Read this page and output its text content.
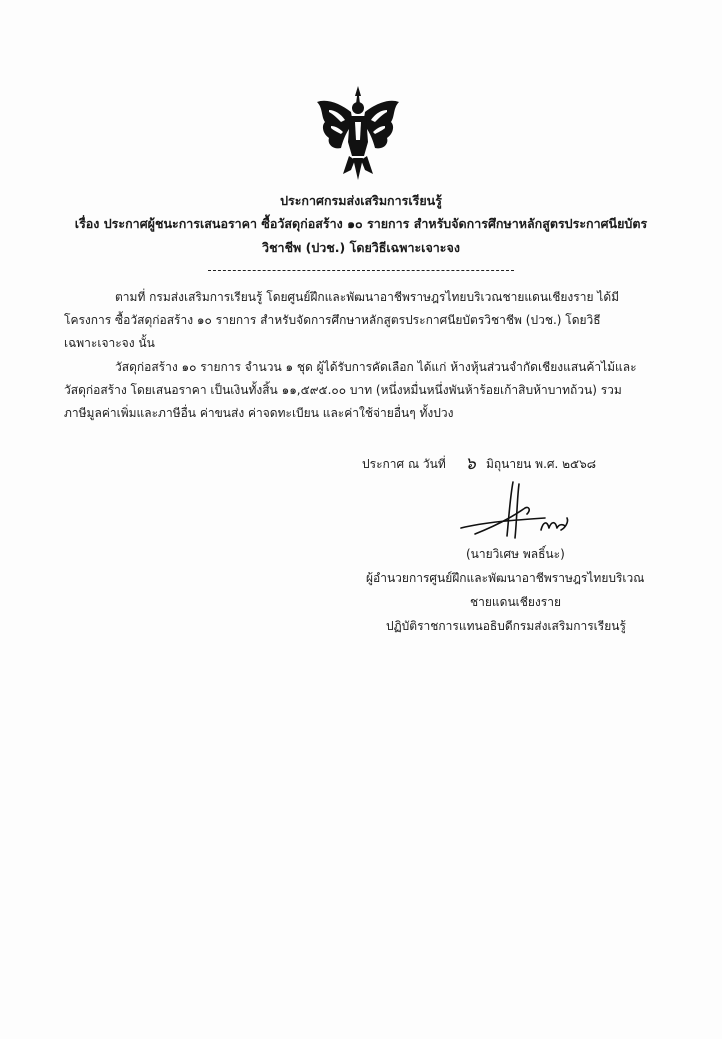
ประกาศกรมส่งเสริมการเรียนรู้
เรื่อง ประกาศผู้ชนะการเสนอราคา ซื้อวัสดุก่อสร้าง ๑๐ รายการ สำหรับจัดการศึกษาหลักสูตรประกาศนียบัตร
วิชาชีพ (ปวช.) โดยวิธีเฉพาะเจาะจง
ตามที่ กรมส่งเสริมการเรียนรู้ โดยศูนย์ฝึกและพัฒนาอาชีพราษฎรไทยบริเวณชายแดนเชียงราย ได้มี
โครงการ ซื้อวัสดุก่อสร้าง ๑๐ รายการ สำหรับจัดการศึกษาหลักสูตรประกาศนียบัตรวิชาชีพ (ปวช.) โดยวิธี
เฉพาะเจาะจง นั้น
วัสดุก่อสร้าง ๑๐ รายการ จำนวน ๑ ชุด ผู้ได้รับการคัดเลือก ได้แก่ ห้างหุ้นส่วนจำกัดเชียงแสนค้าไม้และ
วัสดุก่อสร้าง โดยเสนอราคา เป็นเงินทั้งสิ้น ๑๑,๕๙๕.๐๐ บาท (หนึ่งหมื่นหนึ่งพันห้าร้อยเก้าสิบห้าบาทถ้วน) รวม
ภาษีมูลค่าเพิ่มและภาษีอื่น ค่าขนส่ง ค่าจดทะเบียน และค่าใช้จ่ายอื่นๆ ทั้งปวง
ประกาศ ณ วันที่ ๖ มิถุนายน พ.ศ. ๒๕๖๘
(นายวิเศษ พลธิ์นะ)
ผู้อำนวยการศูนย์ฝึกและพัฒนาอาชีพราษฎรไทยบริเวณ
ชายแดนเชียงราย
ปฏิบัติราชการแทนอธิบดีกรมส่งเสริมการเรียนรู้
